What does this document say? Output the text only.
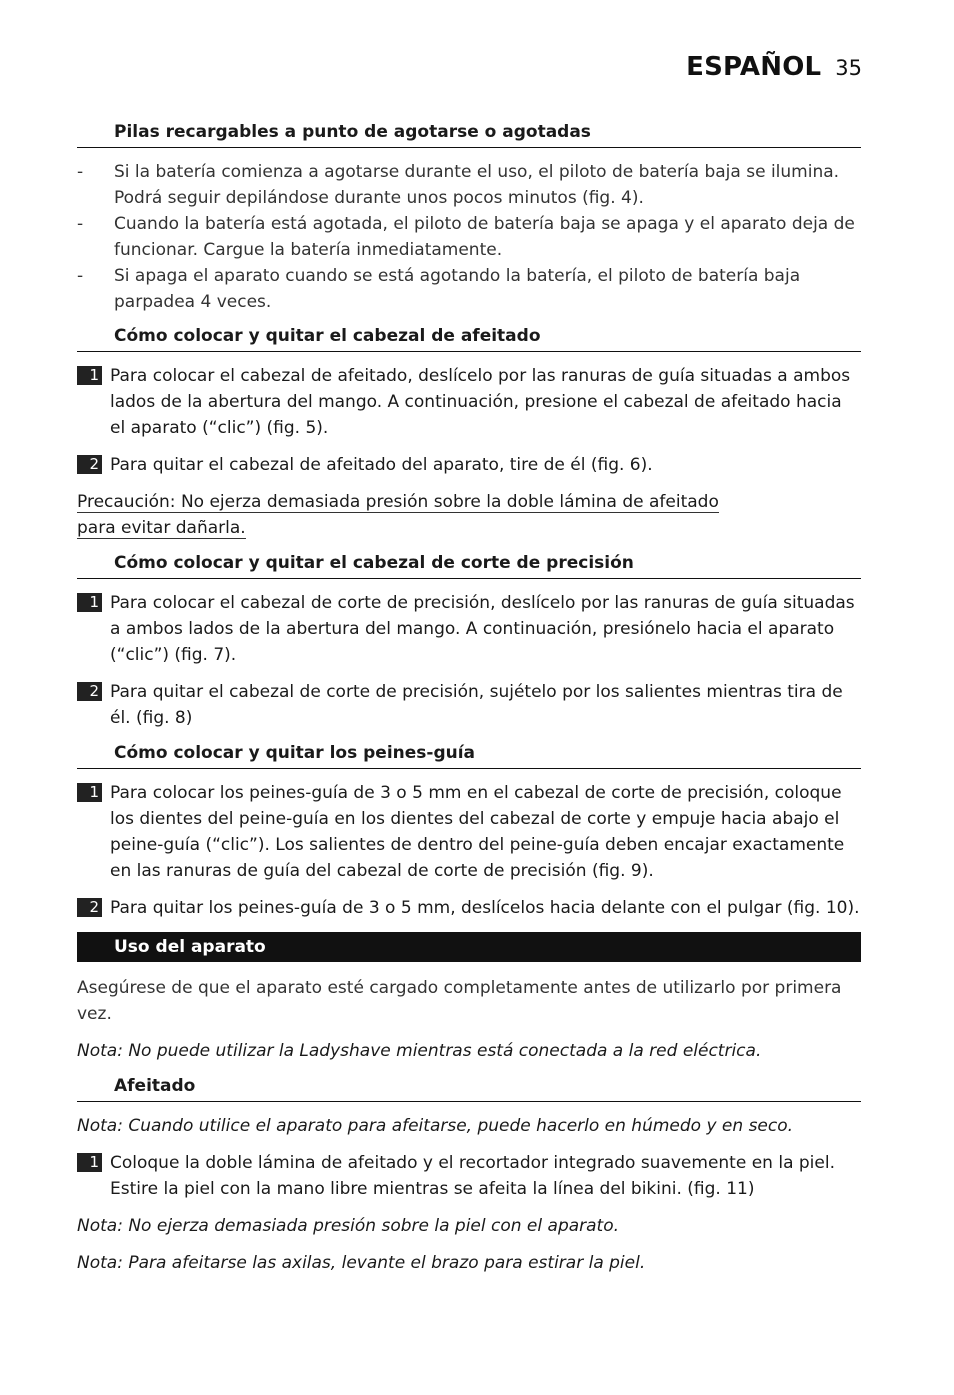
ESPAÑOL 35
Pilas recargables a punto de agotarse o agotadas
- Si la batería comienza a agotarse durante el uso, el piloto de batería baja se ilumina. Podrá seguir depilándose durante unos pocos minutos (fig. 4).
- Cuando la batería está agotada, el piloto de batería baja se apaga y el aparato deja de funcionar. Cargue la batería inmediatamente.
- Si apaga el aparato cuando se está agotando la batería, el piloto de batería baja parpadea 4 veces.
Cómo colocar y quitar el cabezal de afeitado
1 Para colocar el cabezal de afeitado, deslícelo por las ranuras de guía situadas a ambos lados de la abertura del mango. A continuación, presione el cabezal de afeitado hacia el aparato (“clic”) (fig. 5).
2 Para quitar el cabezal de afeitado del aparato, tire de él (fig. 6).
Precaución: No ejerza demasiada presión sobre la doble lámina de afeitado para evitar dañarla.
Cómo colocar y quitar el cabezal de corte de precisión
1 Para colocar el cabezal de corte de precisión, deslícelo por las ranuras de guía situadas a ambos lados de la abertura del mango. A continuación, presiónelo hacia el aparato (“clic”) (fig. 7).
2 Para quitar el cabezal de corte de precisión, sujételo por los salientes mientras tira de él. (fig. 8)
Cómo colocar y quitar los peines-guía
1 Para colocar los peines-guía de 3 o 5 mm en el cabezal de corte de precisión, coloque los dientes del peine-guía en los dientes del cabezal de corte y empuje hacia abajo el peine-guía (“clic”). Los salientes de dentro del peine-guía deben encajar exactamente en las ranuras de guía del cabezal de corte de precisión (fig. 9).
2 Para quitar los peines-guía de 3 o 5 mm, deslícelos hacia delante con el pulgar (fig. 10).
Uso del aparato

Asegúrese de que el aparato esté cargado completamente antes de utilizarlo por primera vez.

Nota: No puede utilizar la Ladyshave mientras está conectada a la red eléctrica.

Afeitado

Nota: Cuando utilice el aparato para afeitarse, puede hacerlo en húmedo y en seco.

1 Coloque la doble lámina de afeitado y el recortador integrado suavemente en la piel. Estire la piel con la mano libre mientras se afeita la línea del bikini. (fig. 11)

Nota: No ejerza demasiada presión sobre la piel con el aparato.

Nota: Para afeitarse las axilas, levante el brazo para estirar la piel.
